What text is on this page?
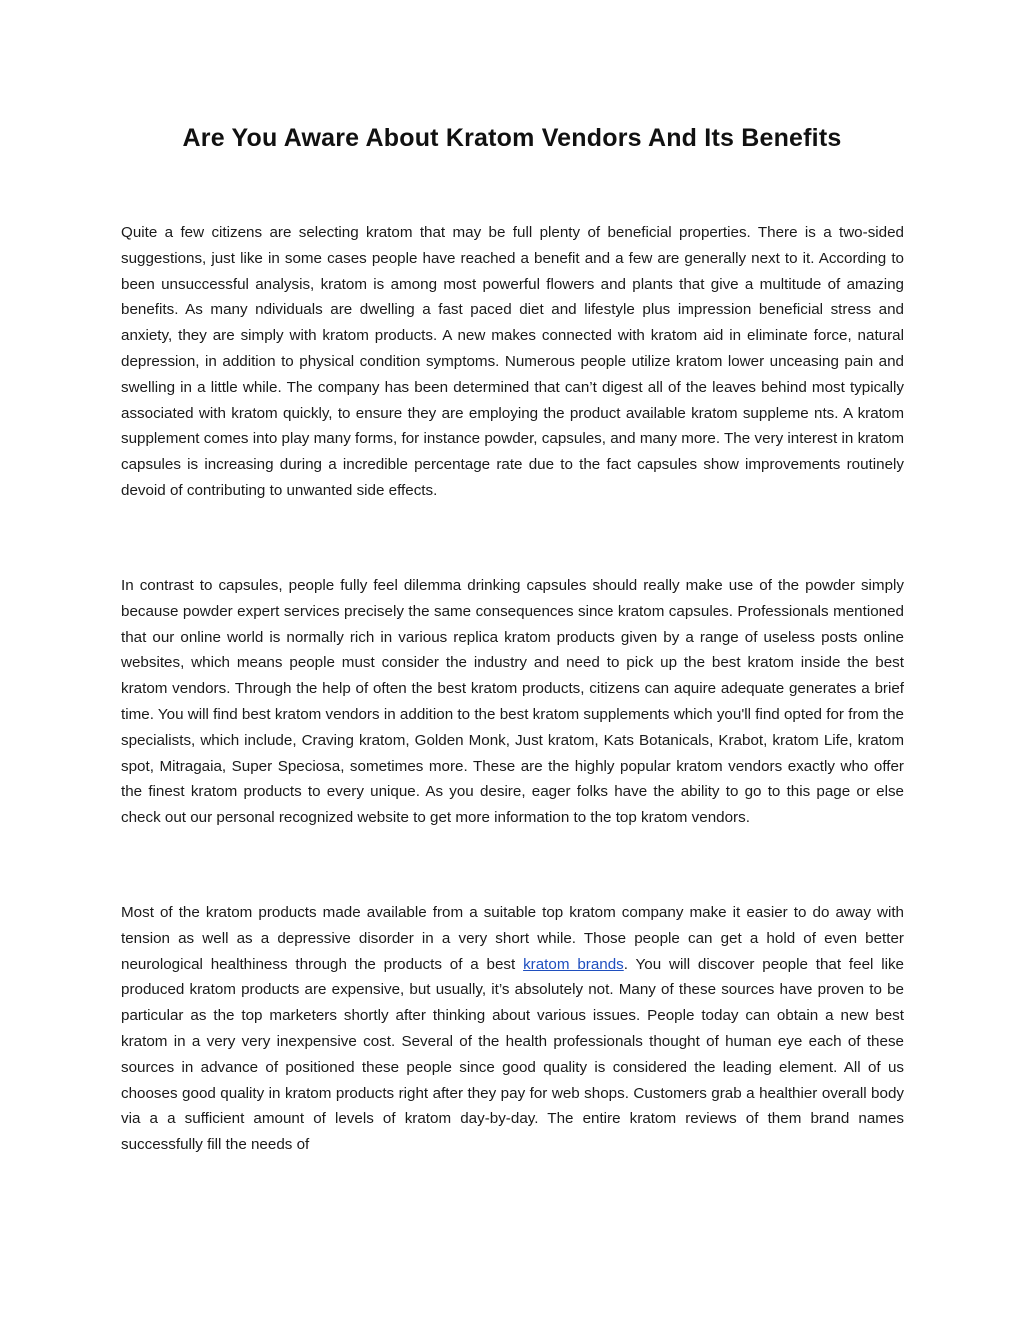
Are You Aware About Kratom Vendors And Its Benefits

Quite a few citizens are selecting kratom that may be full plenty of beneficial properties. There is a two-sided suggestions, just like in some cases people have reached a benefit and a few are generally next to it. According to been unsuccessful analysis, kratom is among most powerful flowers and plants that give a multitude of amazing benefits. As many ndividuals are dwelling a fast paced diet and lifestyle plus impression beneficial stress and anxiety, they are simply with kratom products. A new makes connected with kratom aid in eliminate force, natural depression, in addition to physical condition symptoms. Numerous people utilize kratom lower unceasing pain and swelling in a little while. The company has been determined that can’t digest all of the leaves behind most typically associated with kratom quickly, to ensure they are employing the product available kratom suppleme nts. A kratom supplement comes into play many forms, for instance powder, capsules, and many more. The very interest in kratom capsules is increasing during a incredible percentage rate due to the fact capsules show improvements routinely devoid of contributing to unwanted side effects.

In contrast to capsules, people fully feel dilemma drinking capsules should really make use of the powder simply because powder expert services precisely the same consequences since kratom capsules. Professionals mentioned that our online world is normally rich in various replica kratom products given by a range of useless posts online websites, which means people must consider the industry and need to pick up the best kratom inside the best kratom vendors. Through the help of often the best kratom products, citizens can aquire adequate generates a brief time. You will find best kratom vendors in addition to the best kratom supplements which you'll find opted for from the specialists, which include, Craving kratom, Golden Monk, Just kratom, Kats Botanicals, Krabot, kratom Life, kratom spot, Mitragaia, Super Speciosa, sometimes more. These are the highly popular kratom vendors exactly who offer the finest kratom products to every unique. As you desire, eager folks have the ability to go to this page or else check out our personal recognized website to get more information to the top kratom vendors.

Most of the kratom products made available from a suitable top kratom company make it easier to do away with tension as well as a depressive disorder in a very short while. Those people can get a hold of even better neurological healthiness through the products of a best kratom brands. You will discover people that feel like produced kratom products are expensive, but usually, it’s absolutely not. Many of these sources have proven to be particular as the top marketers shortly after thinking about various issues. People today can obtain a new best kratom in a very very inexpensive cost. Several of the health professionals thought of human eye each of these sources in advance of positioned these people since good quality is considered the leading element. All of us chooses good quality in kratom products right after they pay for web shops. Customers grab a healthier overall body via a a sufficient amount of levels of kratom day-by-day. The entire kratom reviews of them brand names successfully fill the needs of
